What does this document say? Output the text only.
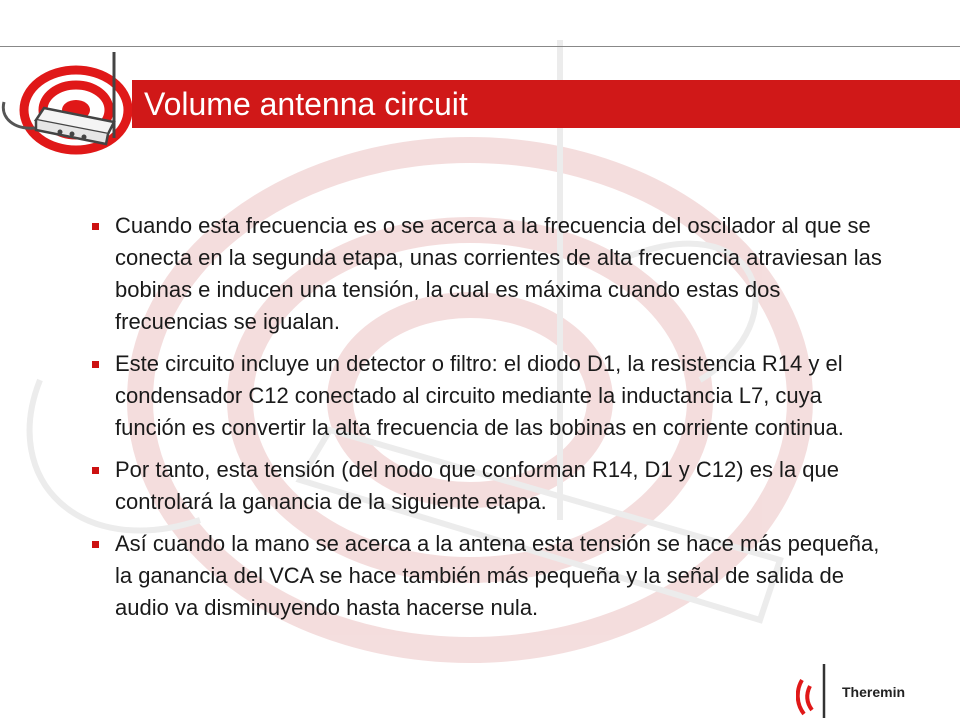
Volume antenna circuit
Cuando esta frecuencia es o se acerca a la frecuencia del oscilador al que se conecta en la segunda etapa, unas corrientes de alta frecuencia atraviesan las bobinas e inducen una tensión, la cual es máxima cuando estas dos frecuencias se igualan.
Este circuito incluye un detector o filtro: el diodo D1, la resistencia R14 y el condensador C12 conectado al circuito mediante la inductancia L7, cuya función es convertir la alta frecuencia de las bobinas en corriente continua.
Por tanto, esta tensión (del nodo que conforman R14, D1 y C12) es la que controlará la ganancia de la siguiente etapa.
Así cuando la mano se acerca a la antena esta tensión se hace más pequeña, la ganancia del VCA se hace también más pequeña y la señal de salida de audio va disminuyendo hasta hacerse nula.
Theremin
